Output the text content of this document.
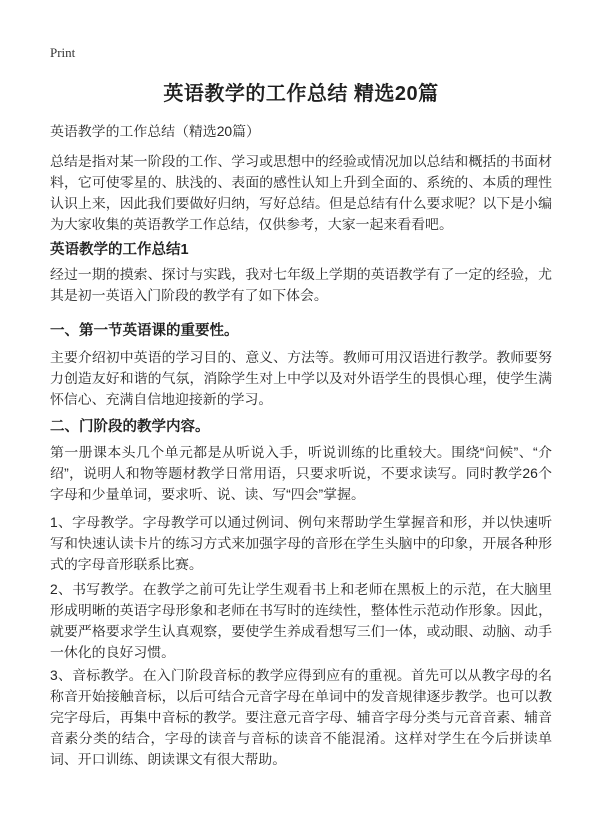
Print
英语教学的工作总结 精选20篇
英语教学的工作总结（精选20篇）

总结是指对某一阶段的工作、学习或思想中的经验或情况加以总结和概括的书面材料，它可使零星的、肤浅的、表面的感性认知上升到全面的、系统的、本质的理性认识上来，因此我们要做好归纳，写好总结。但是总结有什么要求呢？以下是小编为大家收集的英语教学工作总结，仅供参考，大家一起来看看吧。

英语教学的工作总结1

经过一期的摸索、探讨与实践，我对七年级上学期的英语教学有了一定的经验，尤其是初一英语入门阶段的教学有了如下体会。

一、第一节英语课的重要性。

主要介绍初中英语的学习目的、意义、方法等。教师可用汉语进行教学。教师要努力创造友好和谐的气氛，消除学生对上中学以及对外语学生的畏惧心理，使学生满怀信心、充满自信地迎接新的学习。

二、门阶段的教学内容。

第一册课本头几个单元都是从听说入手，听说训练的比重较大。围绕“问候”、“介绍”，说明人和物等题材教学日常用语，只要求听说，不要求读写。同时教学26个字母和少量单词，要求听、说、读、写“四会”掌握。

1、字母教学。字母教学可以通过例词、例句来帮助学生掌握音和形，并以快速听写和快速认读卡片的练习方式来加强字母的音形在学生头脑中的印象，开展各种形式的字母音形联系比赛。

2、书写教学。在教学之前可先让学生观看书上和老师在黑板上的示范，在大脑里形成明晰的英语字母形象和老师在书写时的连续性，整体性示范动作形象。因此，就要严格要求学生认真观察，要使学生养成看想写三们一体，或动眼、动脑、动手一休化的良好习惯。

3、音标教学。在入门阶段音标的教学应得到应有的重视。首先可以从教字母的名称音开始接触音标，以后可结合元音字母在单词中的发音规律逐步教学。也可以教完字母后，再集中音标的教学。要注意元音字母、辅音字母分类与元音音素、辅音音素分类的结合，字母的读音与音标的读音不能混淆。这样对学生在今后拼读单词、开口训练、朗读课文有很大帮助。
